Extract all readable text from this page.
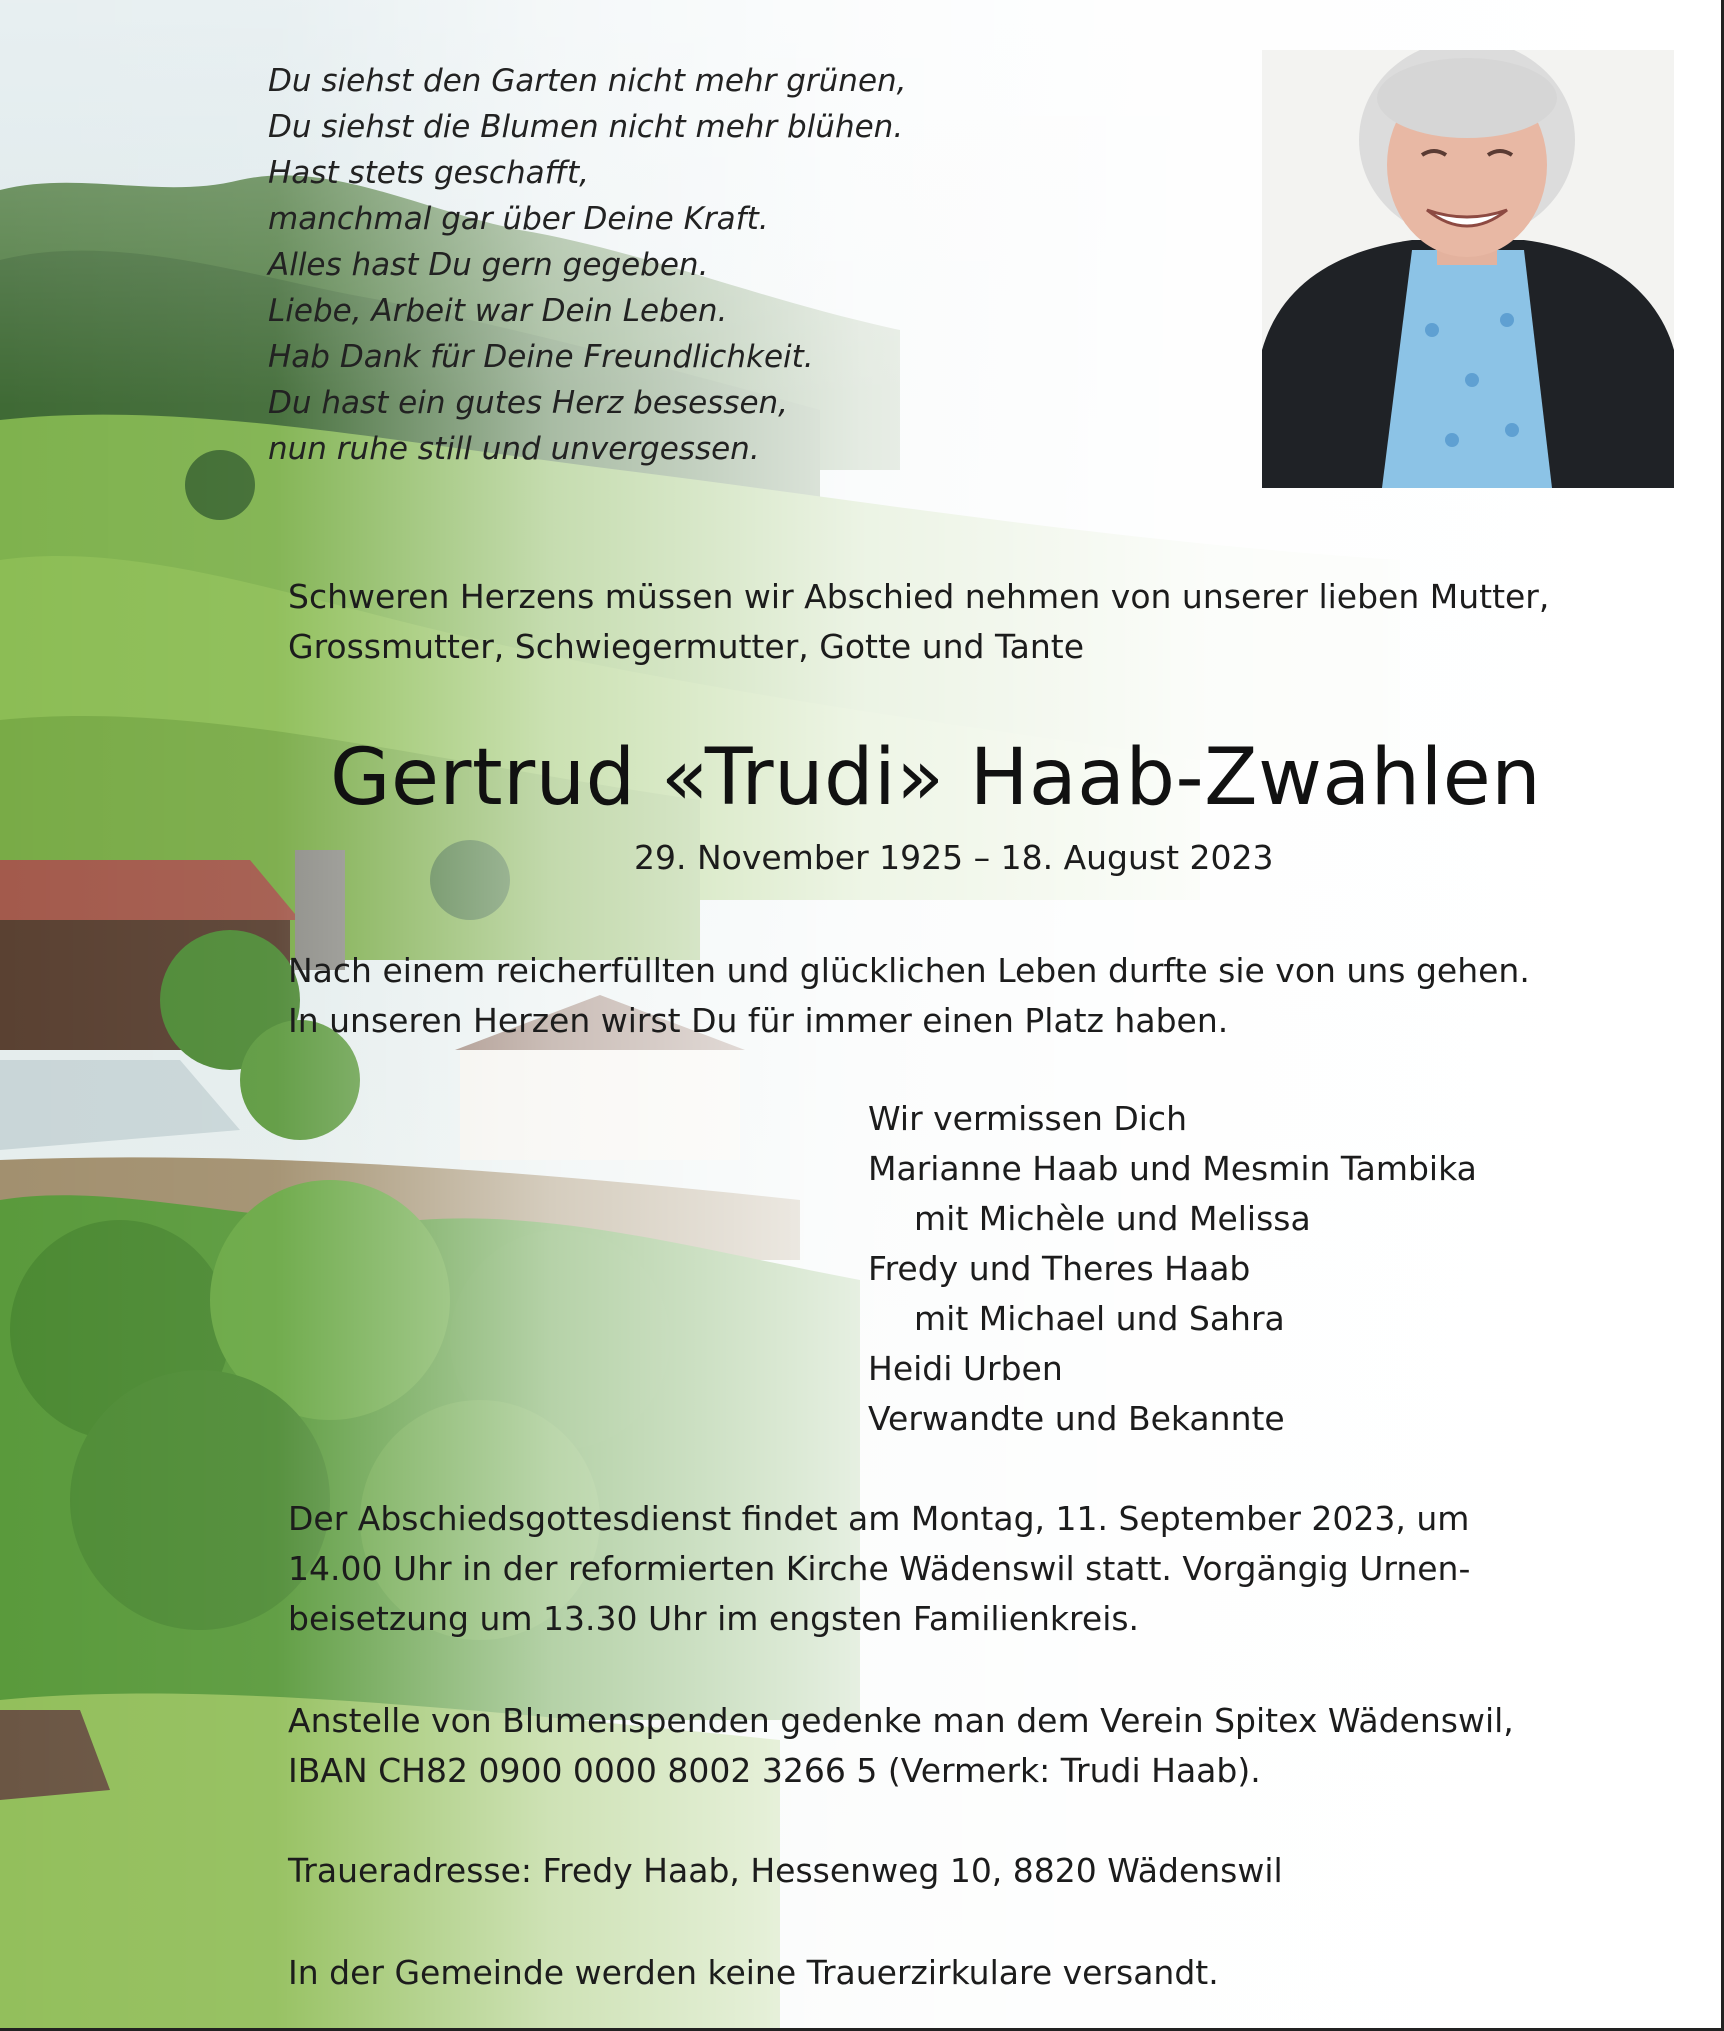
Du siehst den Garten nicht mehr grünen,
Du siehst die Blumen nicht mehr blühen.
Hast stets geschafft,
manchmal gar über Deine Kraft.
Alles hast Du gern gegeben.
Liebe, Arbeit war Dein Leben.
Hab Dank für Deine Freundlichkeit.
Du hast ein gutes Herz besessen,
nun ruhe still und unvergessen.
Schweren Herzens müssen wir Abschied nehmen von unserer lieben Mutter,
Grossmutter, Schwiegermutter, Gotte und Tante
Gertrud «Trudi» Haab-Zwahlen
29. November 1925 – 18. August 2023
Nach einem reicherfüllten und glücklichen Leben durfte sie von uns gehen.
In unseren Herzen wirst Du für immer einen Platz haben.
Wir vermissen Dich
Marianne Haab und Mesmin Tambika
mit Michèle und Melissa
Fredy und Theres Haab
mit Michael und Sahra
Heidi Urben
Verwandte und Bekannte
Der Abschiedsgottesdienst findet am Montag, 11. September 2023, um
14.00 Uhr in der reformierten Kirche Wädenswil statt. Vorgängig Urnen-
beisetzung um 13.30 Uhr im engsten Familienkreis.
Anstelle von Blumenspenden gedenke man dem Verein Spitex Wädenswil,
IBAN CH82 0900 0000 8002 3266 5 (Vermerk: Trudi Haab).
Traueradresse: Fredy Haab, Hessenweg 10, 8820 Wädenswil
In der Gemeinde werden keine Trauerzirkulare versandt.
